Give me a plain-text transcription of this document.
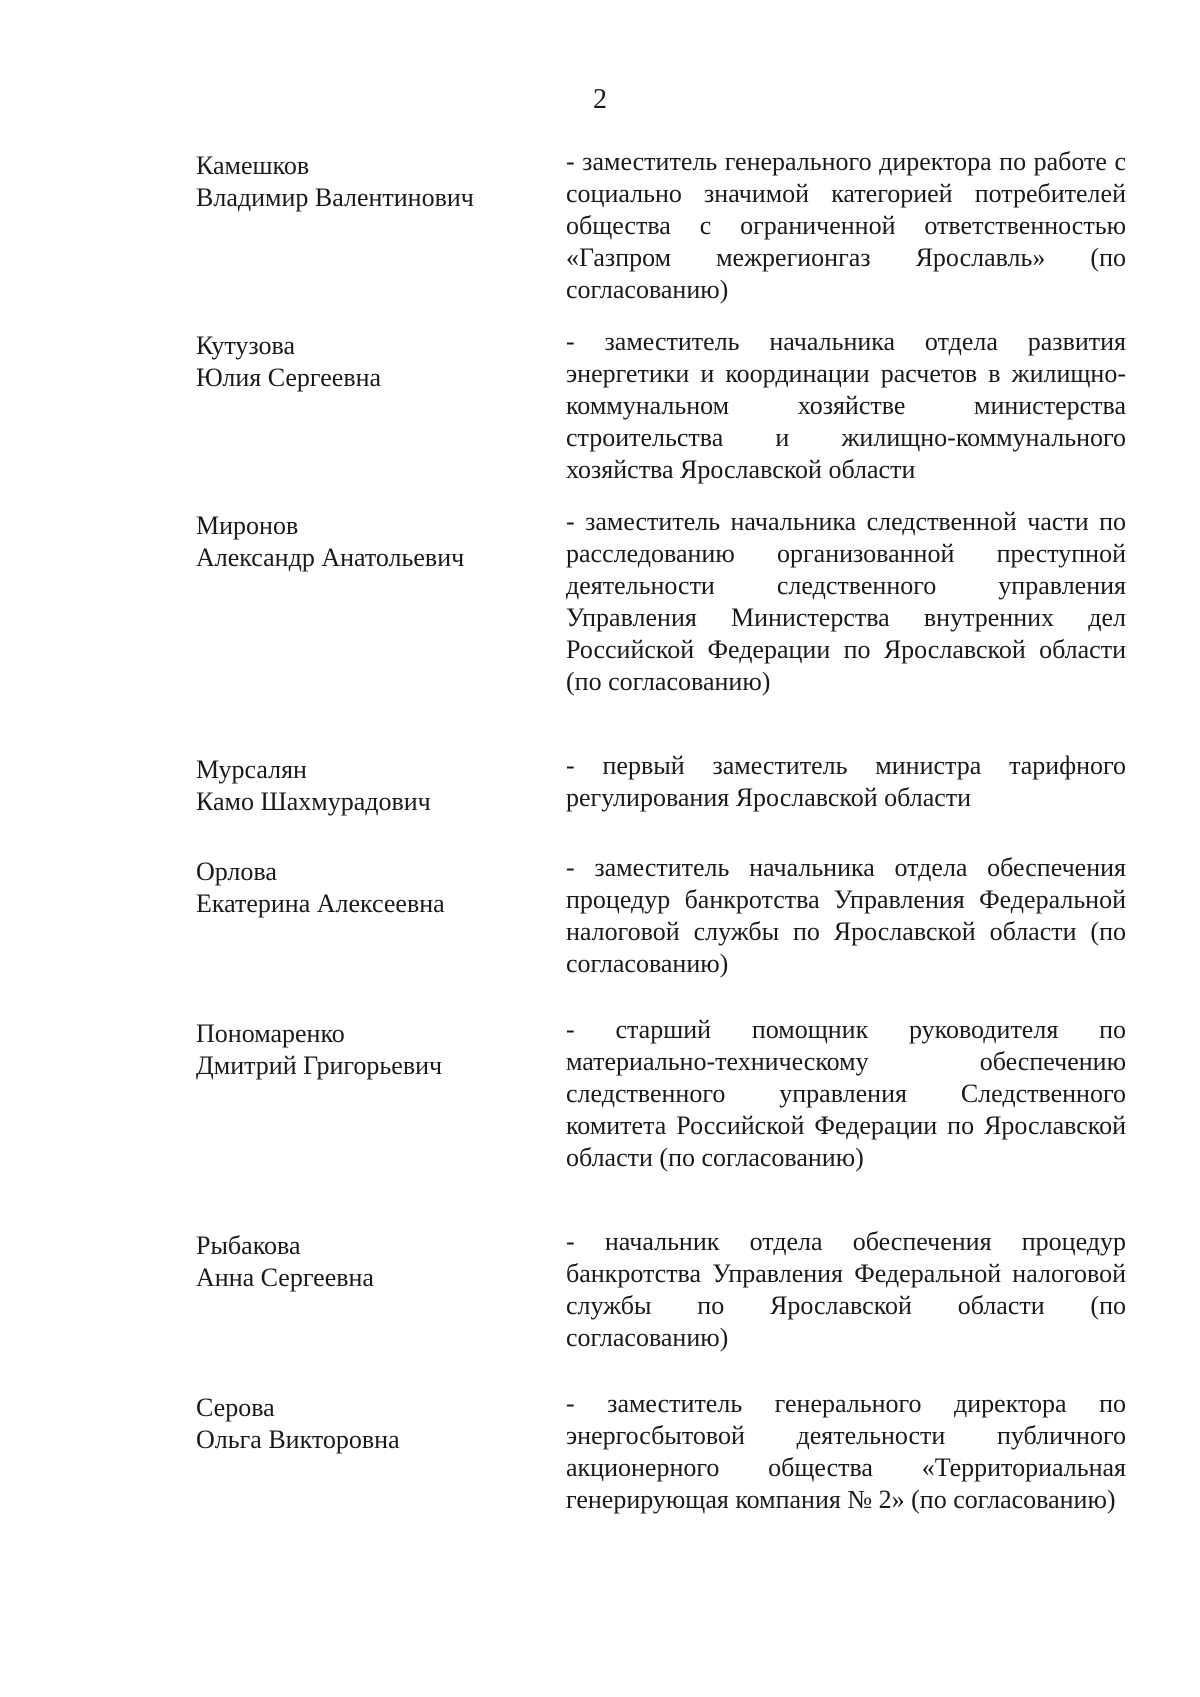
2
Камешков
Владимир Валентинович
- заместитель генерального директора по работе с социально значимой категорией потребителей общества с ограниченной ответственностью «Газпром межрегионгаз Ярославль» (по согласованию)
Кутузова
Юлия Сергеевна
- заместитель начальника отдела развития энергетики и координации расчетов в жилищно-коммунальном хозяйстве министерства строительства и жилищно-коммунального хозяйства Ярославской области
Миронов
Александр Анатольевич
- заместитель начальника следственной части по расследованию организованной преступной деятельности следственного управления Управления Министерства внутренних дел Российской Федерации по Ярославской области (по согласованию)
Мурсалян
Камо Шахмурадович
- первый заместитель министра тарифного регулирования Ярославской области
Орлова
Екатерина Алексеевна
- заместитель начальника отдела обеспечения процедур банкротства Управления Федеральной налоговой службы по Ярославской области (по согласованию)
Пономаренко
Дмитрий Григорьевич
- старший помощник руководителя по материально-техническому обеспечению следственного управления Следственного комитета Российской Федерации по Ярославской области (по согласованию)
Рыбакова
Анна Сергеевна
- начальник отдела обеспечения процедур банкротства Управления Федеральной налоговой службы по Ярославской области (по согласованию)
Серова
Ольга Викторовна
- заместитель генерального директора по энергосбытовой деятельности публичного акционерного общества «Территориальная генерирующая компания № 2» (по согласованию)
